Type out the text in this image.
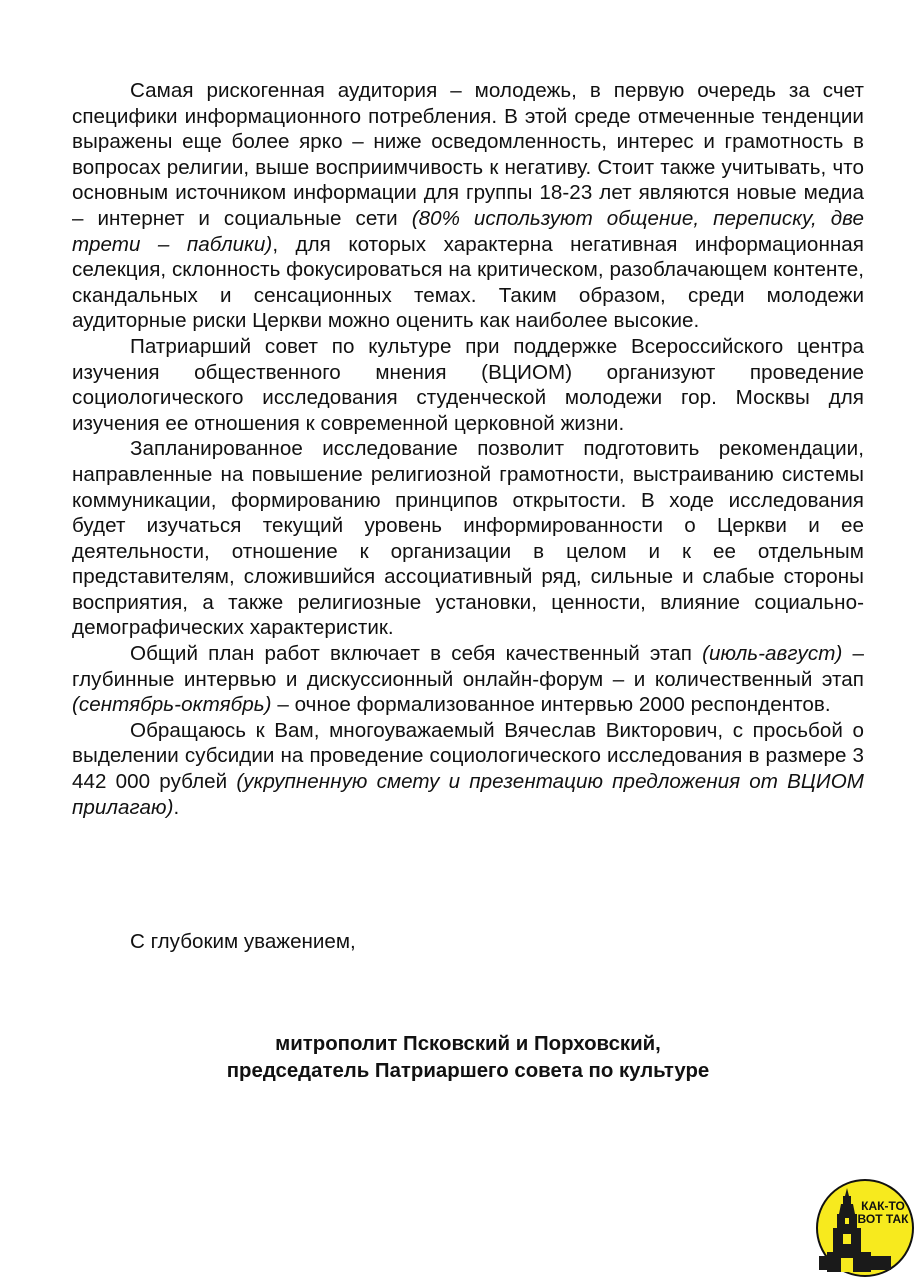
Самая рискогенная аудитория – молодежь, в первую очередь за счет специфики информационного потребления. В этой среде отмеченные тенденции выражены еще более ярко – ниже осведомленность, интерес и грамотность в вопросах религии, выше восприимчивость к негативу. Стоит также учитывать, что основным источником информации для группы 18-23 лет являются новые медиа – интернет и социальные сети (80% используют общение, переписку, две трети – паблики), для которых характерна негативная информационная селекция, склонность фокусироваться на критическом, разоблачающем контенте, скандальных и сенсационных темах. Таким образом, среди молодежи аудиторные риски Церкви можно оценить как наиболее высокие.

Патриарший совет по культуре при поддержке Всероссийского центра изучения общественного мнения (ВЦИОМ) организуют проведение социологического исследования студенческой молодежи гор. Москвы для изучения ее отношения к современной церковной жизни.

Запланированное исследование позволит подготовить рекомендации, направленные на повышение религиозной грамотности, выстраиванию системы коммуникации, формированию принципов открытости. В ходе исследования будет изучаться текущий уровень информированности о Церкви и ее деятельности, отношение к организации в целом и к ее отдельным представителям, сложившийся ассоциативный ряд, сильные и слабые стороны восприятия, а также религиозные установки, ценности, влияние социально-демографических характеристик.

Общий план работ включает в себя качественный этап (июль-август) – глубинные интервью и дискуссионный онлайн-форум – и количественный этап (сентябрь-октябрь) – очное формализованное интервью 2000 респондентов.

Обращаюсь к Вам, многоуважаемый Вячеслав Викторович, с просьбой о выделении субсидии на проведение социологического исследования в размере 3 442 000 рублей (укрупненную смету и презентацию предложения от ВЦИОМ прилагаю).

С глубоким уважением,

митрополит Псковский и Порховский,
председатель Патриаршего совета по культуре
КАК-ТО
ВОТ ТАК
